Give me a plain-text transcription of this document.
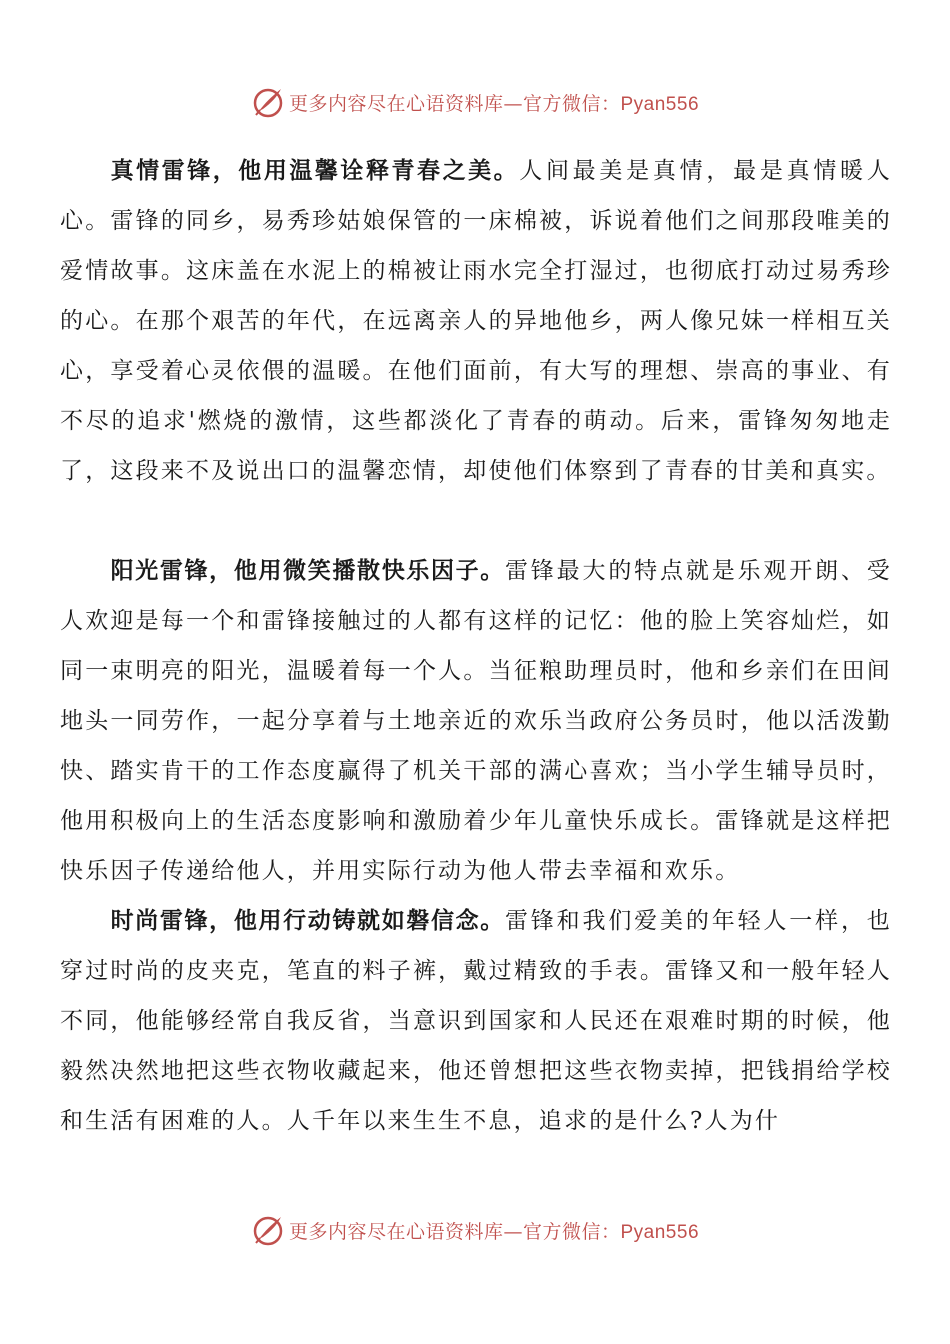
更多内容尽在心语资料库—官方微信：Pyan556

真情雷锋，他用温馨诠释青春之美。人间最美是真情，最是真情暖人心。雷锋的同乡，易秀珍姑娘保管的一床棉被，诉说着他们之间那段唯美的爱情故事。这床盖在水泥上的棉被让雨水完全打湿过，也彻底打动过易秀珍的心。在那个艰苦的年代，在远离亲人的异地他乡，两人像兄妹一样相互关心，享受着心灵依偎的温暖。在他们面前，有大写的理想、崇高的事业、有不尽的追求'燃烧的激情，这些都淡化了青春的萌动。后来，雷锋匆匆地走了，这段来不及说出口的温馨恋情，却使他们体察到了青春的甘美和真实。

阳光雷锋，他用微笑播散快乐因子。雷锋最大的特点就是乐观开朗、受人欢迎是每一个和雷锋接触过的人都有这样的记忆：他的脸上笑容灿烂，如同一束明亮的阳光，温暖着每一个人。当征粮助理员时，他和乡亲们在田间地头一同劳作，一起分享着与土地亲近的欢乐当政府公务员时，他以活泼勤快、踏实肯干的工作态度赢得了机关干部的满心喜欢；当小学生辅导员时，他用积极向上的生活态度影响和激励着少年儿童快乐成长。雷锋就是这样把快乐因子传递给他人，并用实际行动为他人带去幸福和欢乐。

时尚雷锋，他用行动铸就如磐信念。雷锋和我们爱美的年轻人一样，也穿过时尚的皮夹克，笔直的料子裤，戴过精致的手表。雷锋又和一般年轻人不同，他能够经常自我反省，当意识到国家和人民还在艰难时期的时候，他毅然决然地把这些衣物收藏起来，他还曾想把这些衣物卖掉，把钱捐给学校和生活有困难的人。人千年以来生生不息，追求的是什么?人为什

更多内容尽在心语资料库—官方微信：Pyan556
